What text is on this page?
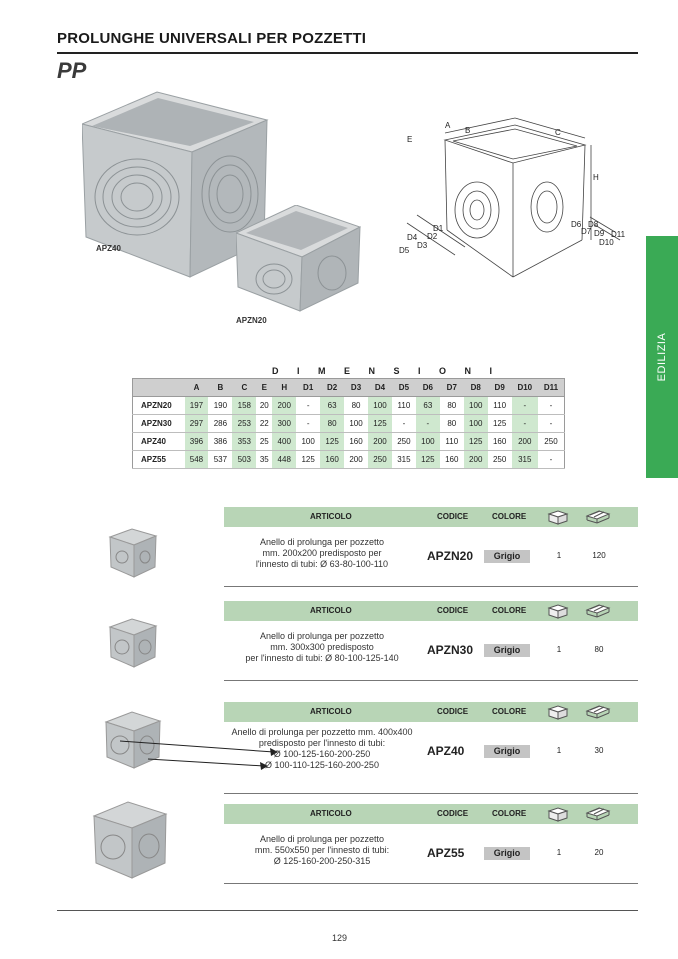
PROLUNGHE UNIVERSALI PER POZZETTI
PP
EDILIZIA
APZ40
APZN20
A
B	C
E
H
D1
D2
D3
D4
D5
D6
D7
D8
D9
D10
D11
D I M E N S I O N I
	A	B	C	E	H	D1	D2	D3	D4	D5	D6	D7	D8	D9	D10	D11
APZN20	197	190	158	20	200	-	63	80	100	110	63	80	100	110	-	-
APZN30	297	286	253	22	300	-	80	100	125	-	-	80	100	125	-	-
APZ40	396	386	353	25	400	100	125	160	200	250	100	110	125	160	200	250
APZ55	548	537	503	35	448	125	160	200	250	315	125	160	200	250	315	-
ARTICOLO	CODICE	COLORE
Anello di prolunga per pozzetto
mm. 200x200 predisposto per
l'innesto di tubi: Ø 63-80-100-110
APZN20	Grigio	1	120
ARTICOLO	CODICE	COLORE
Anello di prolunga per pozzetto
mm. 300x300 predisposto
per l'innesto di tubi: Ø 80-100-125-140
APZN30	Grigio	1	80
ARTICOLO	CODICE	COLORE
Anello di prolunga per pozzetto mm. 400x400
predisposto per l'innesto di tubi:
Ø 100-125-160-200-250
Ø 100-110-125-160-200-250
APZ40	Grigio	1	30
ARTICOLO	CODICE	COLORE
Anello di prolunga per pozzetto
mm. 550x550 per l'innesto di tubi:
Ø 125-160-200-250-315
APZ55	Grigio	1	20
129
